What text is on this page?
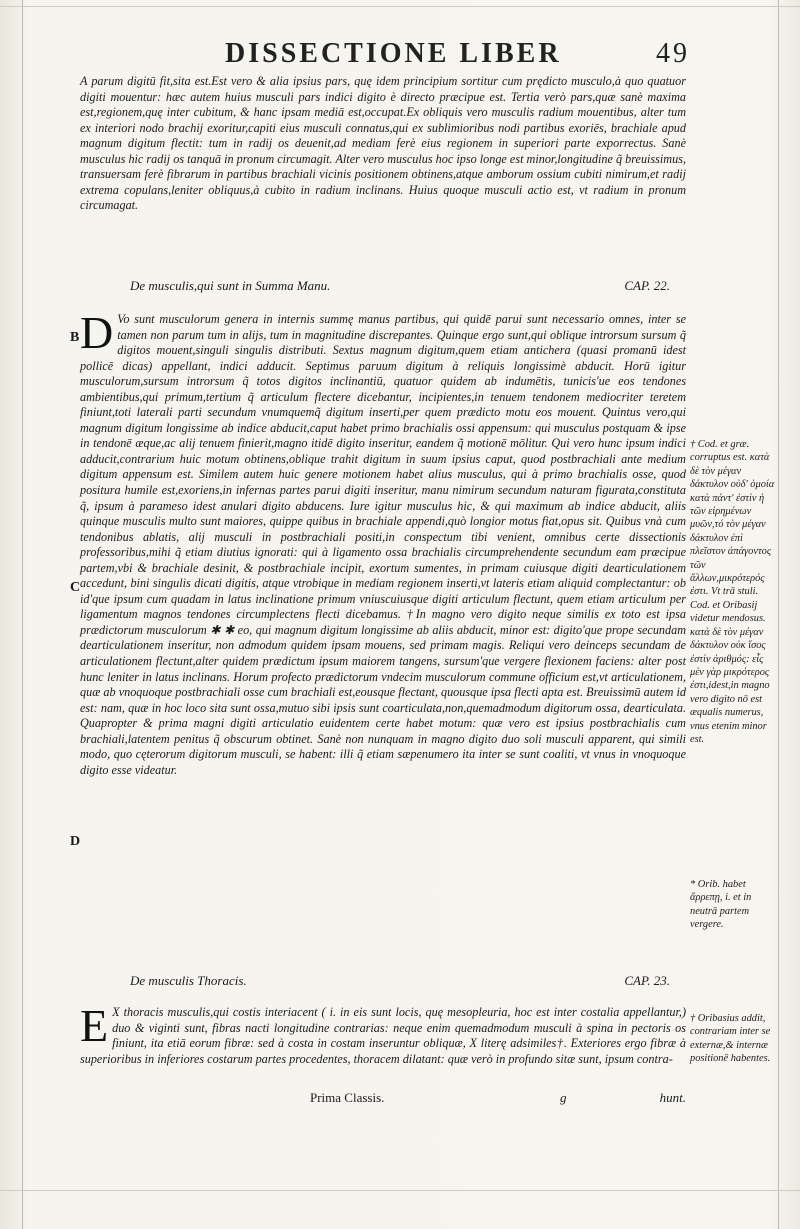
DISSECTIONE LIBER	49

A parum digitū fit,sita est.Est vero & alia ipsius pars, quę idem principium sortitur cum prędicto musculo,à quo quatuor digiti mouentur: hæc autem huius musculi pars indici digito è directo præcipue est. Tertia verò pars,quæ sanè maxima est,regionem,quę inter cubitum, & hanc ipsam mediā est,occupat.Ex obliquis vero musculis radium mouentibus, alter tum ex interiori nodo brachij exoritur,capiti eius musculi connatus,qui ex sublimioribus nodi partibus exoriēs, brachiale apud magnum digitum flectit: tum in radij os deuenit,ad mediam ferè eius regionem in superiori parte exporrectus. Sanè musculus hic radij os tanquā in pronum circumagit. Alter vero musculus hoc ipso longe est minor,longitudine q̃ breuissimus, transuersam ferè fibrarum in partibus brachiali vicinis positionem obtinens,atque amborum ossium cubiti nimirum,et radij extrema copulans,leniter obliquus,à cubito in radium inclinans. Huius quoque musculi actio est, vt radium in pronum circumagat.

De musculis,qui sunt in Summa Manu.	CAP. 22.
B
C
D
D Vo sunt musculorum genera in internis summę manus partibus, qui quidē parui sunt necessario omnes, inter se tamen non parum tum in alijs, tum in magnitudine discrepantes. Quinque ergo sunt,qui oblique introrsum sursum q̃ digitos mouent,singuli singulis distributi. Sextus magnum digitum,quem etiam antichera (quasi promanū idest pollicē dicas) appellant, indici adducit. Septimus paruum digitum à reliquis longissimè abducit. Horū igitur musculorum,sursum introrsum q̃ totos digitos inclinantiū, quatuor quidem ab indumētis, tunicis'ue eos tendones ambientibus,qui primum,tertium q̃ articulum flectere dicebantur, incipientes,in tenuem tendonem mediocriter teretem finiunt,toti laterali parti secundum vnumquemq̃ digitum inserti,per quem prædicto motu eos mouent. Quintus vero,qui magnum digitum longissime ab indice abducit,caput habet primo brachialis ossi appensum: qui musculus postquam & ipse in tendonē æque,ac alij tenuem finierit,magno itidē digito inseritur, eandem q̃ motionē mōlitur. Qui vero hunc ipsum indici adducit,contrarium huic motum obtinens,oblique trahit digitum in suum ipsius caput, quod postbrachiali ante medium digitum appensum est. Similem autem huic genere motionem habet alius musculus, qui à primo brachialis osse, quod positura humile est,exoriens,in infernas partes parui digiti inseritur, manu nimirum secundum naturam figurata,constituta q̃, ipsum à parameso idest anulari digito abducens. Iure igitur musculus hic, & qui maximum ab indice abducit, aliis quinque musculis multo sunt maiores, quippe quibus in brachiale appendi,quò longior motus fiat,opus sit. Quibus vnà cum tendonibus ablatis, alij musculi in postbrachiali positi,in conspectum tibi venient, omnibus certe dissectionis professoribus,mihi q̃ etiam diutius ignorati: qui à ligamento ossa brachialis circumprehendente secundum eam præcipue partem,vbi & brachiale desinit, & postbrachiale incipit, exortum sumentes, in primam cuiusque digiti dearticulationem accedunt, bini singulis dicati digitis, atque vtrobique in mediam regionem inserti,vt lateris etiam aliquid complectantur: ob id'que ipsum cum quadam in latus inclinatione primum vniuscuiusque digiti articulum flectunt, quem etiam articulum per ligamentum magnos tendones circumplectens flecti dicebamus. †In magno vero digito neque similis ex toto est ipsa prædictorum musculorum ✱ ✱ eo, qui magnum digitum longissime ab aliis abducit, minor est: digito'que prope secundam dearticulationem inseritur, non admodum quidem ipsam mouens, sed primam magis. Reliqui vero deinceps secundam de articulationem flectunt,alter quidem prædictum ipsum maiorem tangens, sursum'que vergere flexionem faciens: alter post hunc leniter in latus inclinans. Horum profecto prædictorum vndecim musculorum commune officium est,vt articulationem, quæ ab vnoquoque postbrachiali osse cum brachiali est,eousque flectant, quousque ipsa flecti apta est. Breuissimū autem id est: nam, quæ in hoc loco sita sunt ossa,mutuo sibi ipsis sunt coarticulata,non,quemadmodum digitorum ossa, dearticulata. Quapropter & prima magni digiti articulatio euidentem certe habet motum: quæ vero est ipsius postbrachialis cum brachiali,latentem penitus q̃ obscurum obtinet. Sanè non nunquam in magno digito duo soli musculi apparent, qui simili modo, quo cęterorum digitorum musculi, se habent: illi q̃ etiam sæpenumero ita inter se sunt coaliti, vt vnus in vnoquoque digito esse videatur.

De musculis Thoracis.	CAP. 23.
E X thoracis musculis,qui costis interiacent ( i. in eis sunt locis, quę mesopleuria, hoc est inter costalia appellantur,) duo & viginti sunt, fibras nacti longitudine contrarias: neque enim quemadmodum musculi à spina in pectoris os finiunt, ita etiā eorum fibræ: sed à costa in costam inseruntur obliquæ, X literę adsimiles†. Exteriores ergo fibræ à superioribus in inferiores costarum partes procedentes, thoracem dilatant: quæ verò in profundo sitæ sunt, ipsum contra-

† Cod. et græ. corruptus est. κατὰ δὲ τὸν μέγαν δάκτυλον οὐδ' ὁμοία κατὰ πάντ' ἐστὶν ἡ τῶν εἰρημένων μυῶν,τό τὸν μέγαν δάκτυλον ἐπὶ πλεῖστον ἀπάγοντος τῶν ἄλλων,μικρότερός ἐστι. Vt trā stuli. Cod. et Oribasij videtur mendosus. κατὰ δὲ τὸν μέγαν δάκτυλον οὐκ ἴσος ἐστὶν ἀριθμός: εἷς μὲν γὰρ μικρότερος ἐστι,idest,in magno vero digito nō est æqualis numerus, vnus etenim minor est.
* Orib. habet ἄρρεπῃ, i. et in neutrā partem vergere.
† Oribasius addit, contrariam inter se externæ,& internæ positionē habentes.
Prima Classis.	g	hunt.
